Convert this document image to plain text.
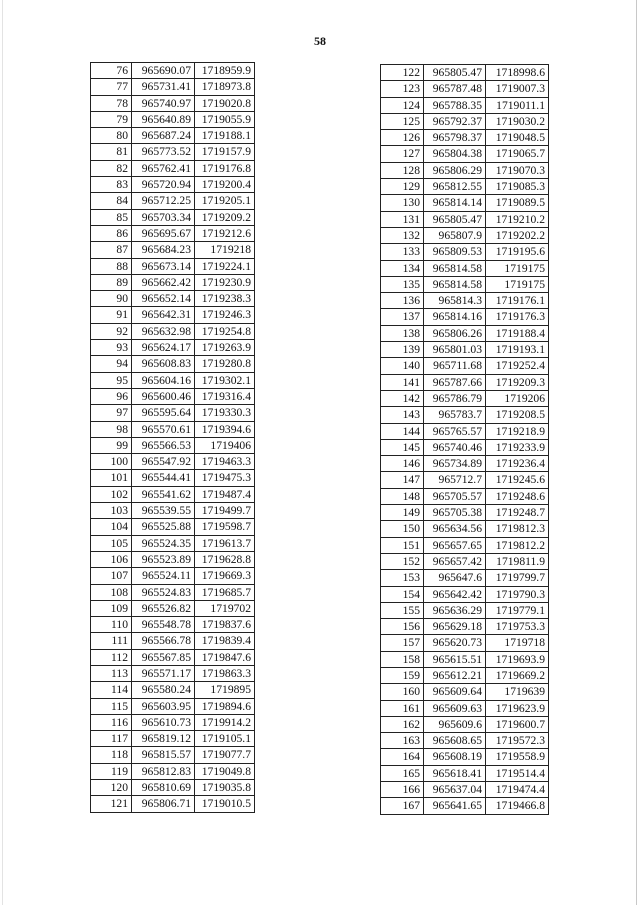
58
76	965690.07	1718959.9
77	965731.41	1718973.8
78	965740.97	1719020.8
79	965640.89	1719055.9
80	965687.24	1719188.1
81	965773.52	1719157.9
82	965762.41	1719176.8
83	965720.94	1719200.4
84	965712.25	1719205.1
85	965703.34	1719209.2
86	965695.67	1719212.6
87	965684.23	1719218
88	965673.14	1719224.1
89	965662.42	1719230.9
90	965652.14	1719238.3
91	965642.31	1719246.3
92	965632.98	1719254.8
93	965624.17	1719263.9
94	965608.83	1719280.8
95	965604.16	1719302.1
96	965600.46	1719316.4
97	965595.64	1719330.3
98	965570.61	1719394.6
99	965566.53	1719406
100	965547.92	1719463.3
101	965544.41	1719475.3
102	965541.62	1719487.4
103	965539.55	1719499.7
104	965525.88	1719598.7
105	965524.35	1719613.7
106	965523.89	1719628.8
107	965524.11	1719669.3
108	965524.83	1719685.7
109	965526.82	1719702
110	965548.78	1719837.6
111	965566.78	1719839.4
112	965567.85	1719847.6
113	965571.17	1719863.3
114	965580.24	1719895
115	965603.95	1719894.6
116	965610.73	1719914.2
117	965819.12	1719105.1
118	965815.57	1719077.7
119	965812.83	1719049.8
120	965810.69	1719035.8
121	965806.71	1719010.5
122	965805.47	1718998.6
123	965787.48	1719007.3
124	965788.35	1719011.1
125	965792.37	1719030.2
126	965798.37	1719048.5
127	965804.38	1719065.7
128	965806.29	1719070.3
129	965812.55	1719085.3
130	965814.14	1719089.5
131	965805.47	1719210.2
132	965807.9	1719202.2
133	965809.53	1719195.6
134	965814.58	1719175
135	965814.58	1719175
136	965814.3	1719176.1
137	965814.16	1719176.3
138	965806.26	1719188.4
139	965801.03	1719193.1
140	965711.68	1719252.4
141	965787.66	1719209.3
142	965786.79	1719206
143	965783.7	1719208.5
144	965765.57	1719218.9
145	965740.46	1719233.9
146	965734.89	1719236.4
147	965712.7	1719245.6
148	965705.57	1719248.6
149	965705.38	1719248.7
150	965634.56	1719812.3
151	965657.65	1719812.2
152	965657.42	1719811.9
153	965647.6	1719799.7
154	965642.42	1719790.3
155	965636.29	1719779.1
156	965629.18	1719753.3
157	965620.73	1719718
158	965615.51	1719693.9
159	965612.21	1719669.2
160	965609.64	1719639
161	965609.63	1719623.9
162	965609.6	1719600.7
163	965608.65	1719572.3
164	965608.19	1719558.9
165	965618.41	1719514.4
166	965637.04	1719474.4
167	965641.65	1719466.8
